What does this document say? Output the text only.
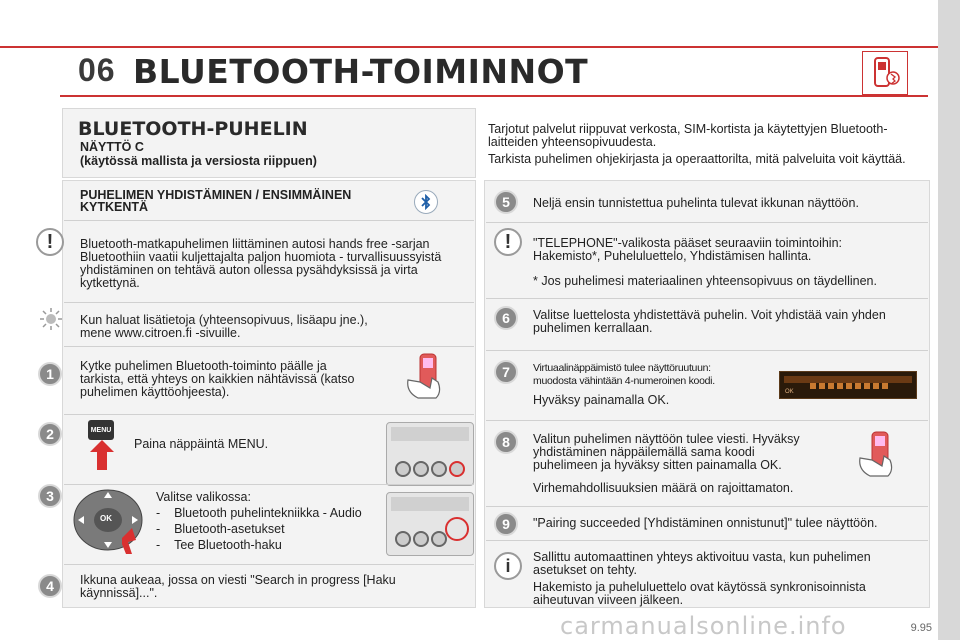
06 BLUETOOTH-TOIMINNOT
BLUETOOTH-PUHELIN
NÄYTTÖ C
(käytössä mallista ja versiosta riippuen)
PUHELIMEN YHDISTÄMINEN / ENSIMMÄINEN
KYTKENTÄ
!	Bluetooth-matkapuhelimen liittäminen autosi hands free -sarjan
Bluetoothiin vaatii kuljettajalta paljon huomiota - turvallisuussyistä
yhdistäminen on tehtävä auton ollessa pysähdyksissä ja virta
kytkettynä.
Kun haluat lisätietoja (yhteensopivuus, lisäapu jne.),
mene www.citroen.fi -sivuille.
1	Kytke puhelimen Bluetooth-toiminto päälle ja
tarkista, että yhteys on kaikkien nähtävissä (katso
puhelimen käyttöohjeesta).
2	MENU
Paina näppäintä MENU.
3
OK
Valitse valikossa:
-    Bluetooth puhelintekniikka - Audio
-    Bluetooth-asetukset
-    Tee Bluetooth-haku
4	Ikkuna aukeaa, jossa on viesti "Search in progress [Haku
käynnissä]...".
Tarjotut palvelut riippuvat verkosta, SIM-kortista ja käytettyjen Bluetooth-
laitteiden yhteensopivuudesta.
Tarkista puhelimen ohjekirjasta ja operaattorilta, mitä palveluita voit käyttää.
5	Neljä ensin tunnistettua puhelinta tulevat ikkunan näyttöön.
!	"TELEPHONE"-valikosta pääset seuraaviin toimintoihin:
Hakemisto*, Puheluluettelo, Yhdistämisen hallinta.
* Jos puhelimesi materiaalinen yhteensopivuus on täydellinen.
6	Valitse luettelosta yhdistettävä puhelin. Voit yhdistää vain yhden
puhelimen kerrallaan.
7	Virtuaalinäppäimistö tulee näyttöruutuun:
muodosta vähintään 4-numeroinen koodi.
Hyväksy painamalla OK.
OK
8	Valitun puhelimen näyttöön tulee viesti. Hyväksy
yhdistäminen näppäilemällä sama koodi
puhelimeen ja hyväksy sitten painamalla OK.
Virhemahdollisuuksien määrä on rajoittamaton.
9	"Pairing succeeded [Yhdistäminen onnistunut]" tulee näyttöön.
i	Sallittu automaattinen yhteys aktivoituu vasta, kun puhelimen
asetukset on tehty.
Hakemisto ja puheluluettelo ovat käytössä synkronisoinnista
aiheutuvan viiveen jälkeen.
carmanualsonline.info	9.95
